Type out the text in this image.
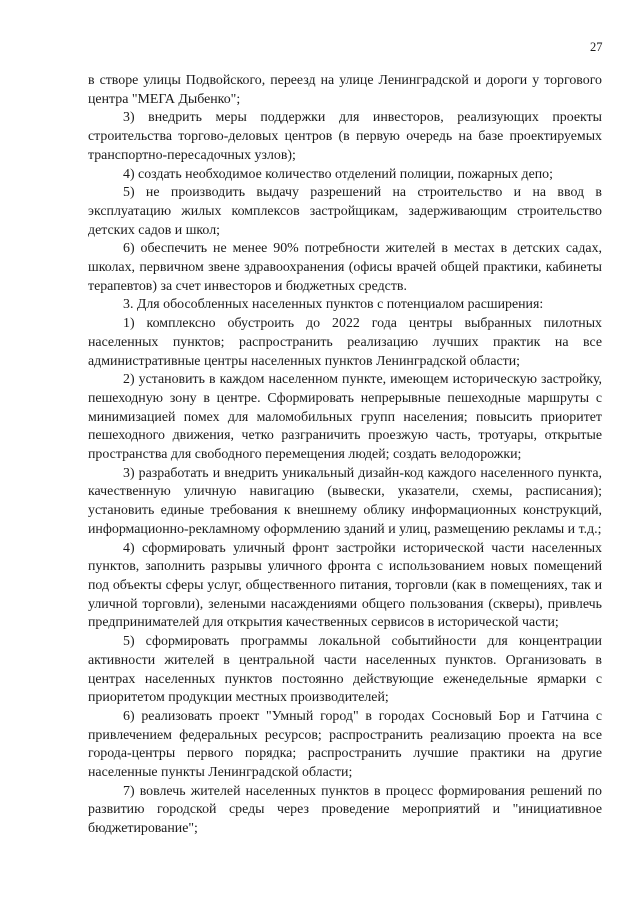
27

в створе улицы Подвойского, переезд на улице Ленинградской и дороги у торгового центра "МЕГА Дыбенко";

3) внедрить меры поддержки для инвесторов, реализующих проекты строительства торгово-деловых центров (в первую очередь на базе проектируемых транспортно-пересадочных узлов);

4) создать необходимое количество отделений полиции, пожарных депо;

5) не производить выдачу разрешений на строительство и на ввод в эксплуатацию жилых комплексов застройщикам, задерживающим строительство детских садов и школ;

6) обеспечить не менее 90% потребности жителей в местах в детских садах, школах, первичном звене здравоохранения (офисы врачей общей практики, кабинеты терапевтов) за счет инвесторов и бюджетных средств.

3. Для обособленных населенных пунктов с потенциалом расширения:

1) комплексно обустроить до 2022 года центры выбранных пилотных населенных пунктов; распространить реализацию лучших практик на все административные центры населенных пунктов Ленинградской области;

2) установить в каждом населенном пункте, имеющем историческую застройку, пешеходную зону в центре. Сформировать непрерывные пешеходные маршруты с минимизацией помех для маломобильных групп населения; повысить приоритет пешеходного движения, четко разграничить проезжую часть, тротуары, открытые пространства для свободного перемещения людей; создать велодорожки;

3) разработать и внедрить уникальный дизайн-код каждого населенного пункта, качественную уличную навигацию (вывески, указатели, схемы, расписания); установить единые требования к внешнему облику информационных конструкций, информационно-рекламному оформлению зданий и улиц, размещению рекламы и т.д.;

4) сформировать уличный фронт застройки исторической части населенных пунктов, заполнить разрывы уличного фронта с использованием новых помещений под объекты сферы услуг, общественного питания, торговли (как в помещениях, так и уличной торговли), зелеными насаждениями общего пользования (скверы), привлечь предпринимателей для открытия качественных сервисов в исторической части;

5) сформировать программы локальной событийности для концентрации активности жителей в центральной части населенных пунктов. Организовать в центрах населенных пунктов постоянно действующие еженедельные ярмарки с приоритетом продукции местных производителей;

6) реализовать проект "Умный город" в городах Сосновый Бор и Гатчина с привлечением федеральных ресурсов; распространить реализацию проекта на все города-центры первого порядка; распространить лучшие практики на другие населенные пункты Ленинградской области;

7) вовлечь жителей населенных пунктов в процесс формирования решений по развитию городской среды через проведение мероприятий и "инициативное бюджетирование";
